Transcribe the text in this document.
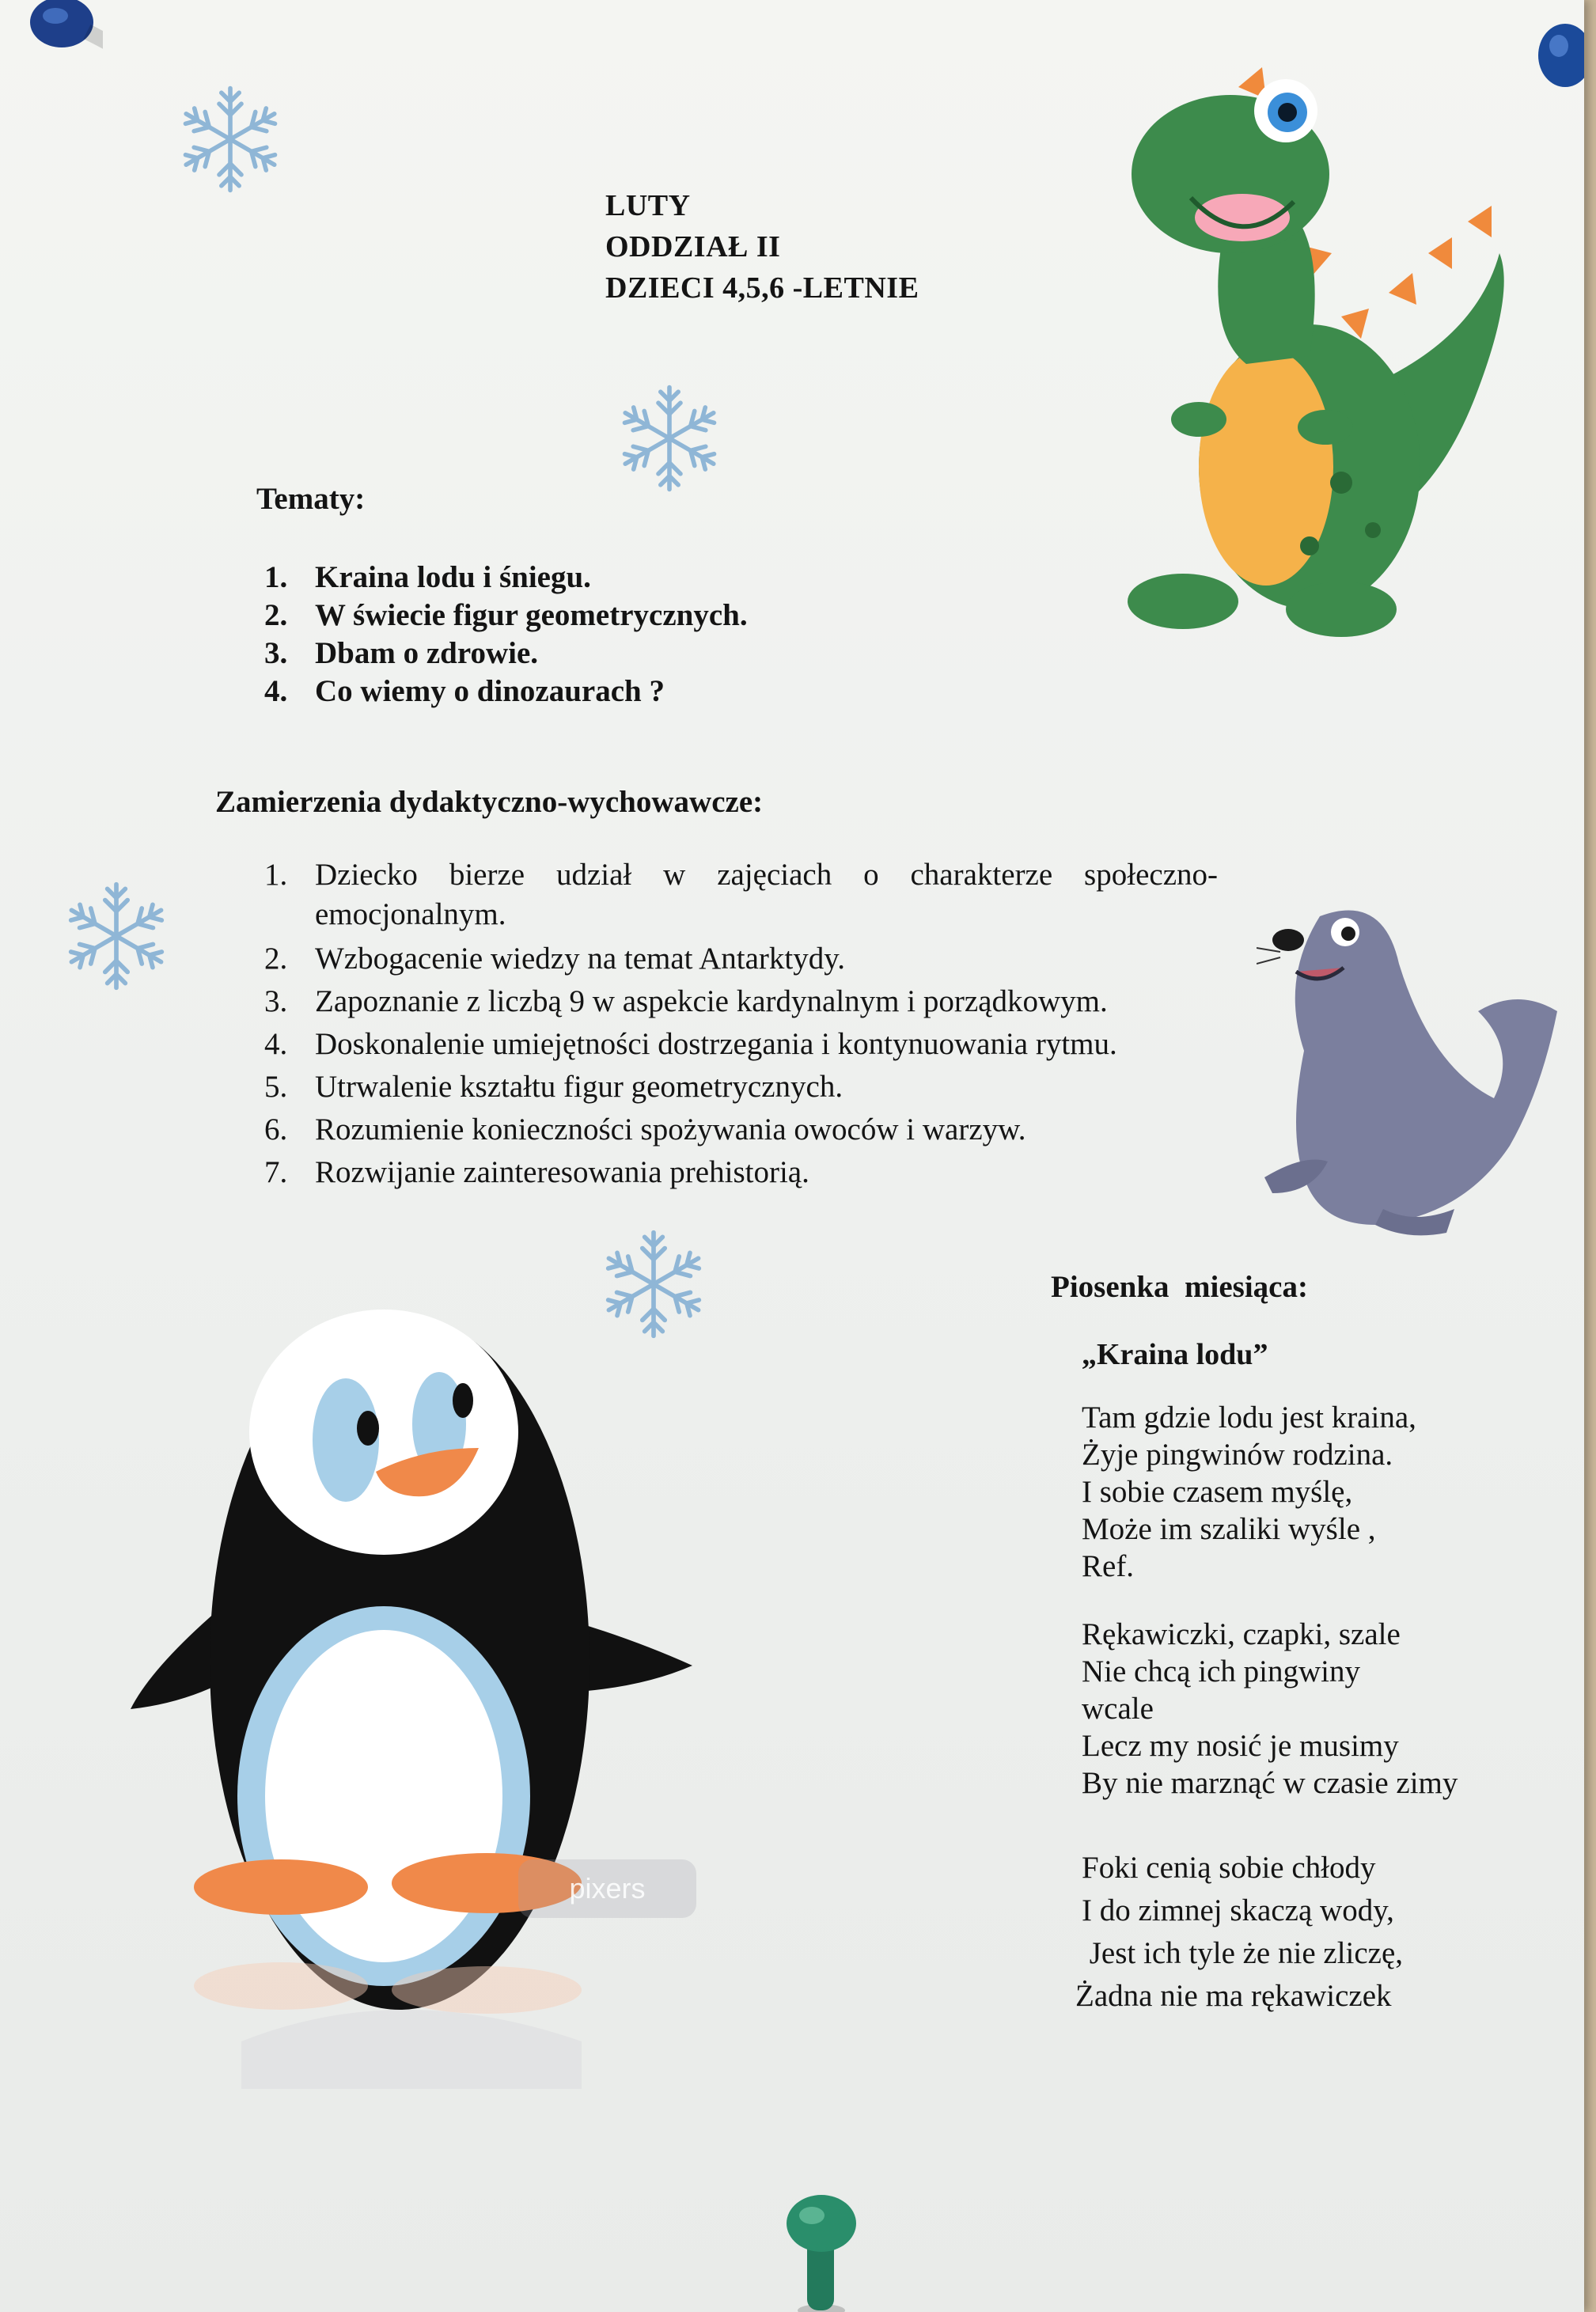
pixers
LUTY
ODDZIAŁ II
DZIECI 4,5,6 -LETNIE
Tematy:
1. Kraina lodu i śniegu.
2. W świecie figur geometrycznych.
3. Dbam o zdrowie.
4. Co wiemy o dinozaurach ?
Zamierzenia dydaktyczno-wychowawcze:
1. Dziecko bierze udział w zajęciach o charakterze społeczno-emocjonalnym.
2. Wzbogacenie wiedzy na temat Antarktydy.
3. Zapoznanie z liczbą 9 w aspekcie kardynalnym i porządkowym.
4. Doskonalenie umiejętności dostrzegania i kontynuowania rytmu.
5. Utrwalenie kształtu figur geometrycznych.
6. Rozumienie konieczności spożywania owoców i warzyw.
7. Rozwijanie zainteresowania prehistorią.
Piosenka  miesiąca:
„Kraina lodu”
Tam gdzie lodu jest kraina,
Żyje pingwinów rodzina.
I sobie czasem myślę,
Może im szaliki wyśle ,
Ref.
Rękawiczki, czapki, szale
Nie chcą ich pingwiny
wcale
Lecz my nosić je musimy
By nie marznąć w czasie zimy
Foki cenią sobie chłody
I do zimnej skaczą wody,
Jest ich tyle że nie zliczę,
Żadna nie ma rękawiczek
